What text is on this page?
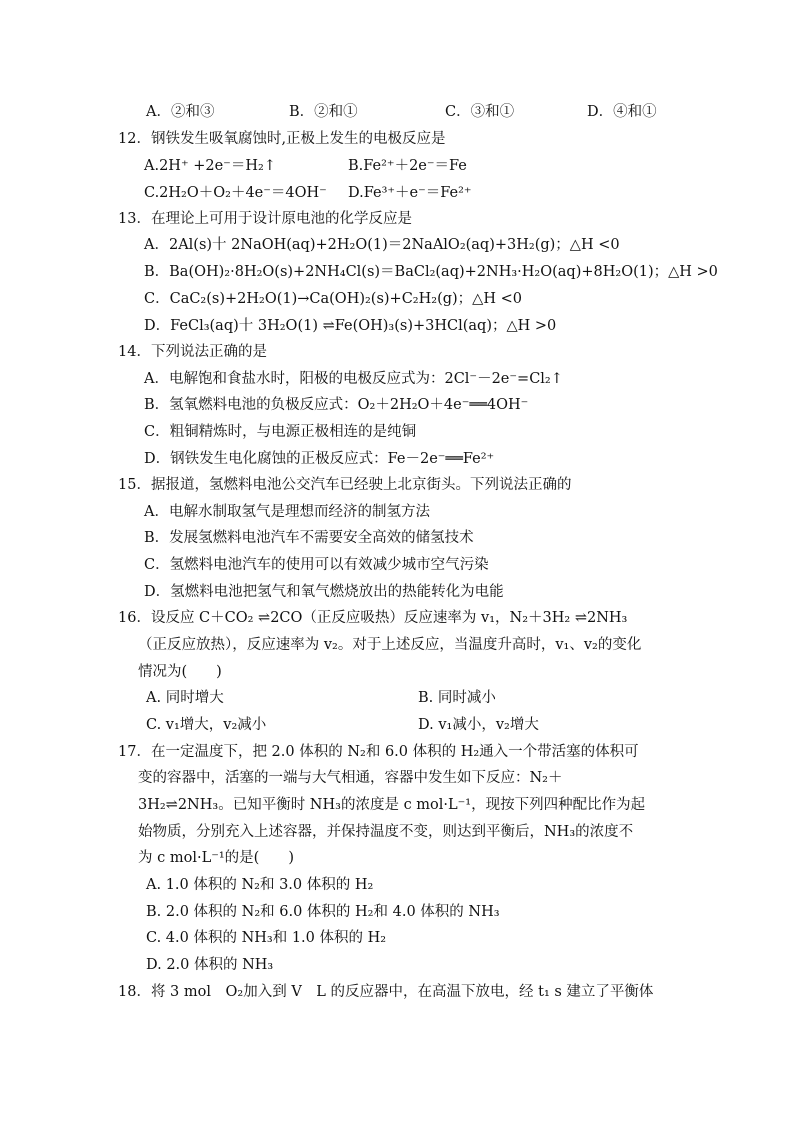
A．②和③	B．②和①	C．③和①	D．④和①
12．钢铁发生吸氧腐蚀时,正极上发生的电极反应是
A.2H⁺ +2e⁻＝H₂↑	B.Fe²⁺＋2e⁻＝Fe
C.2H₂O＋O₂＋4e⁻＝4OH⁻ D.Fe³⁺＋e⁻＝Fe²⁺
13．在理论上可用于设计原电池的化学反应是
A．2Al(s)十 2NaOH(aq)+2H₂O(1)＝2NaAlO₂(aq)+3H₂(g)；△H <0
B．Ba(OH)₂·8H₂O(s)+2NH₄Cl(s)＝BaCl₂(aq)+2NH₃·H₂O(aq)+8H₂O(1)；△H >0
C．CaC₂(s)+2H₂O(1)→Ca(OH)₂(s)+C₂H₂(g)；△H <0
D．FeCl₃(aq)十 3H₂O(1) ⇌Fe(OH)₃(s)+3HCl(aq)；△H >0
14．下列说法正确的是
A．电解饱和食盐水时，阳极的电极反应式为：2Cl⁻－2e⁻=Cl₂↑
B．氢氧燃料电池的负极反应式：O₂＋2H₂O＋4e⁻══4OH⁻
C．粗铜精炼时，与电源正极相连的是纯铜
D．钢铁发生电化腐蚀的正极反应式：Fe－2e⁻══Fe²⁺
15．据报道，氢燃料电池公交汽车已经驶上北京街头。下列说法正确的
A．电解水制取氢气是理想而经济的制氢方法
B．发展氢燃料电池汽车不需要安全高效的储氢技术
C．氢燃料电池汽车的使用可以有效减少城市空气污染
D．氢燃料电池把氢气和氧气燃烧放出的热能转化为电能
16．设反应 C＋CO₂ ⇌2CO（正反应吸热）反应速率为 v₁，N₂＋3H₂ ⇌2NH₃
（正反应放热），反应速率为 v₂。对于上述反应，当温度升高时，v₁、v₂的变化
情况为(　　)
A. 同时增大	B. 同时减小
C. v₁增大，v₂减小	D. v₁减小，v₂增大
17．在一定温度下，把 2.0 体积的 N₂和 6.0 体积的 H₂通入一个带活塞的体积可
变的容器中，活塞的一端与大气相通，容器中发生如下反应：N₂＋
3H₂⇌2NH₃。已知平衡时 NH₃的浓度是 c mol·L⁻¹，现按下列四种配比作为起
始物质，分别充入上述容器，并保持温度不变，则达到平衡后，NH₃的浓度不
为 c mol·L⁻¹的是(　　)
A. 1.0 体积的 N₂和 3.0 体积的 H₂
B. 2.0 体积的 N₂和 6.0 体积的 H₂和 4.0 体积的 NH₃
C. 4.0 体积的 NH₃和 1.0 体积的 H₂
D. 2.0 体积的 NH₃
18．将 3 mol　O₂加入到 V　L 的反应器中，在高温下放电，经 t₁ s 建立了平衡体
